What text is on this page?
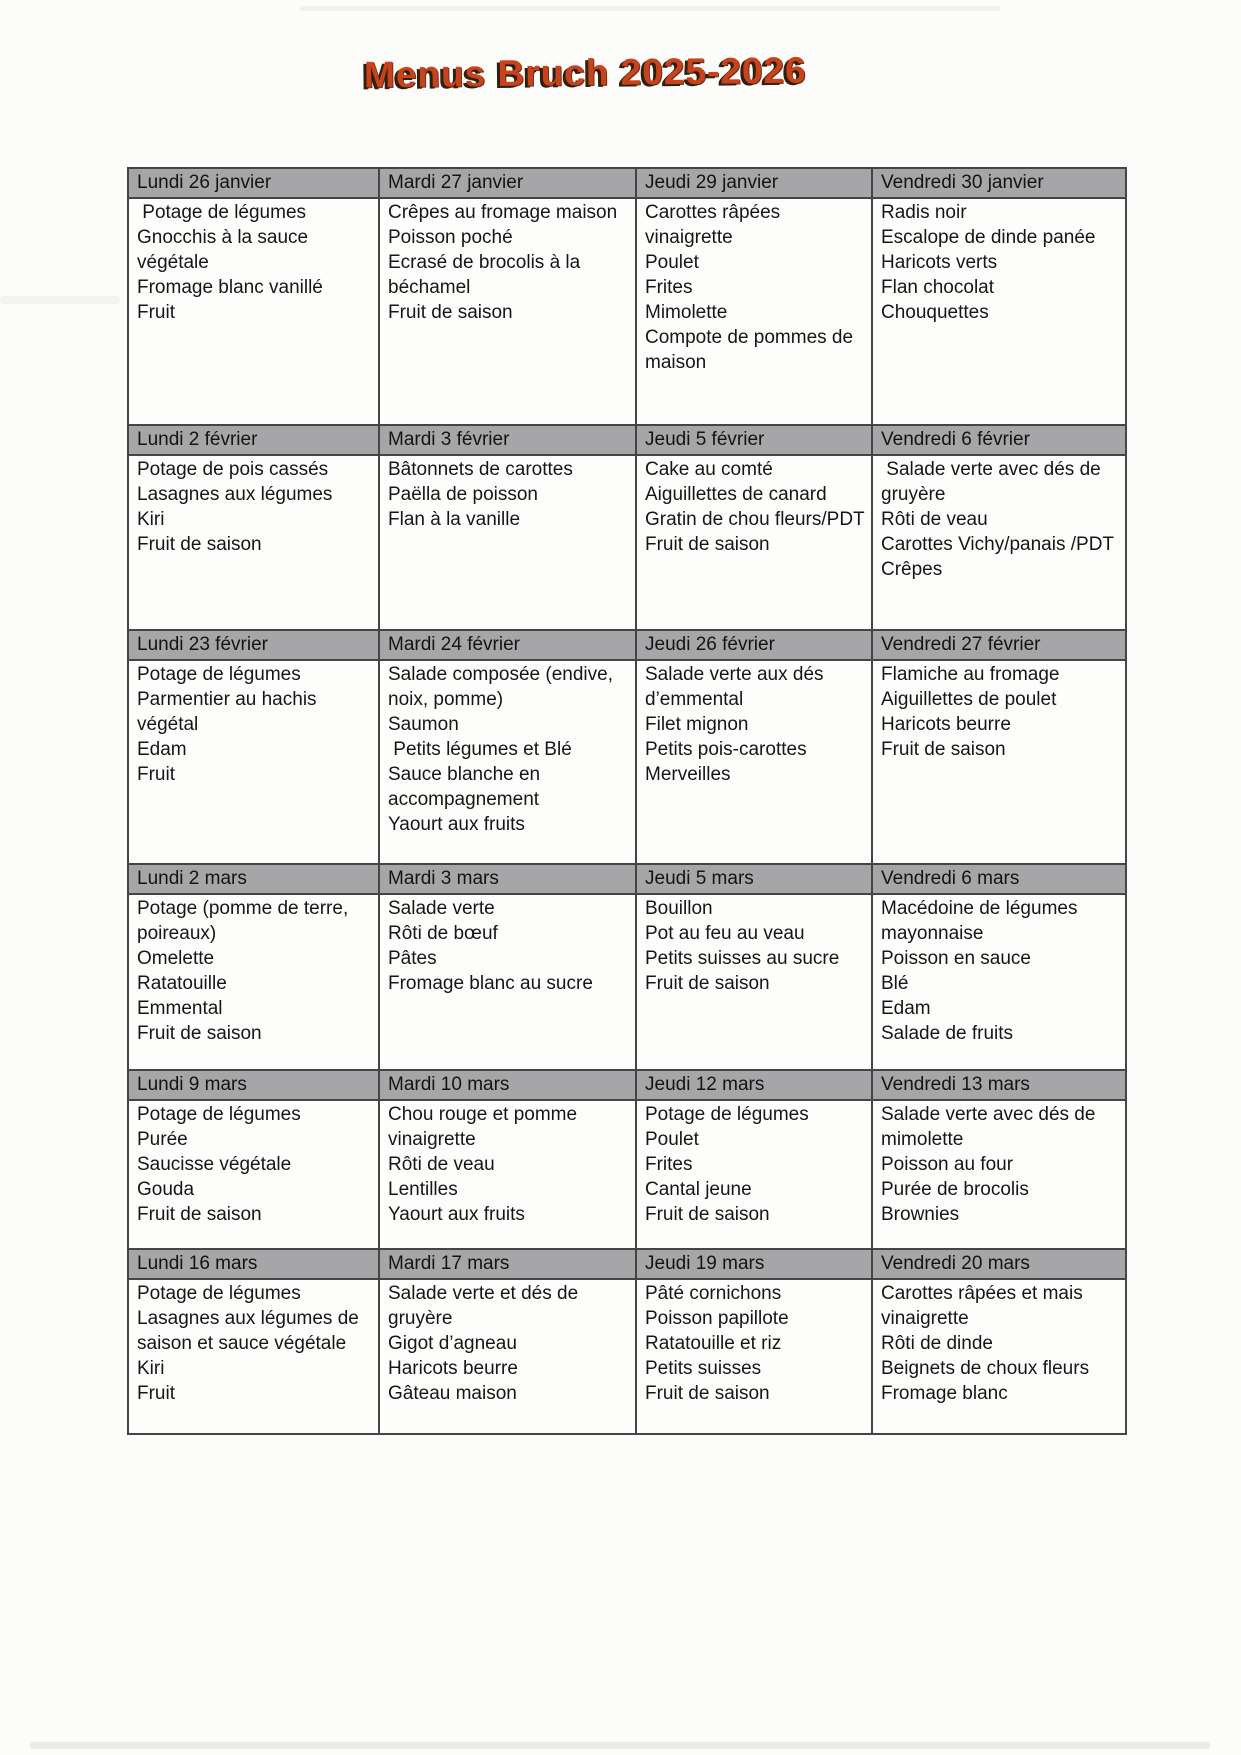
Menus Bruch 2025-2026
Lundi 26 janvier	Mardi 27 janvier	Jeudi 29 janvier	Vendredi 30 janvier

Potage de légumes
Gnocchis à la sauce végétale
Fromage blanc vanillé
Fruit

Crêpes au fromage maison
Poisson poché
Ecrasé de brocolis à la béchamel
Fruit de saison

Carottes râpées vinaigrette
Poulet
Frites
Mimolette
Compote de pommes de maison

Radis noir
Escalope de dinde panée
Haricots verts
Flan chocolat
Chouquettes

Lundi 2 février	Mardi 3 février	Jeudi 5 février	Vendredi 6 février

Potage de pois cassés
Lasagnes aux légumes
Kiri
Fruit de saison

Bâtonnets de carottes
Paëlla de poisson
Flan à la vanille

Cake au comté
Aiguillettes de canard
Gratin de chou fleurs/PDT
Fruit de saison

Salade verte avec dés de gruyère
Rôti de veau
Carottes Vichy/panais /PDT
Crêpes

Lundi 23 février	Mardi 24 février	Jeudi 26 février	Vendredi 27 février

Potage de légumes
Parmentier au hachis végétal
Edam
Fruit

Salade composée (endive, noix, pomme)
Saumon
Petits légumes et Blé
Sauce blanche en accompagnement
Yaourt aux fruits

Salade verte aux dés d’emmental
Filet mignon
Petits pois-carottes
Merveilles

Flamiche au fromage
Aiguillettes de poulet
Haricots beurre
Fruit de saison

Lundi 2 mars	Mardi 3 mars	Jeudi 5 mars	Vendredi 6 mars

Potage (pomme de terre, poireaux)
Omelette
Ratatouille
Emmental
Fruit de saison

Salade verte
Rôti de bœuf
Pâtes
Fromage blanc au sucre

Bouillon
Pot au feu au veau
Petits suisses au sucre
Fruit de saison

Macédoine de légumes mayonnaise
Poisson en sauce
Blé
Edam
Salade de fruits

Lundi 9 mars	Mardi 10 mars	Jeudi 12 mars	Vendredi 13 mars

Potage de légumes
Purée
Saucisse végétale
Gouda
Fruit de saison

Chou rouge et pomme vinaigrette
Rôti de veau
Lentilles
Yaourt aux fruits

Potage de légumes
Poulet
Frites
Cantal jeune
Fruit de saison

Salade verte avec dés de mimolette
Poisson au four
Purée de brocolis
Brownies

Lundi 16 mars	Mardi 17 mars	Jeudi 19 mars	Vendredi 20 mars

Potage de légumes
Lasagnes aux légumes de saison et sauce végétale
Kiri
Fruit

Salade verte et dés de gruyère
Gigot d’agneau
Haricots beurre
Gâteau maison

Pâté cornichons
Poisson papillote
Ratatouille et riz
Petits suisses
Fruit de saison

Carottes râpées et mais vinaigrette
Rôti de dinde
Beignets de choux fleurs
Fromage blanc
